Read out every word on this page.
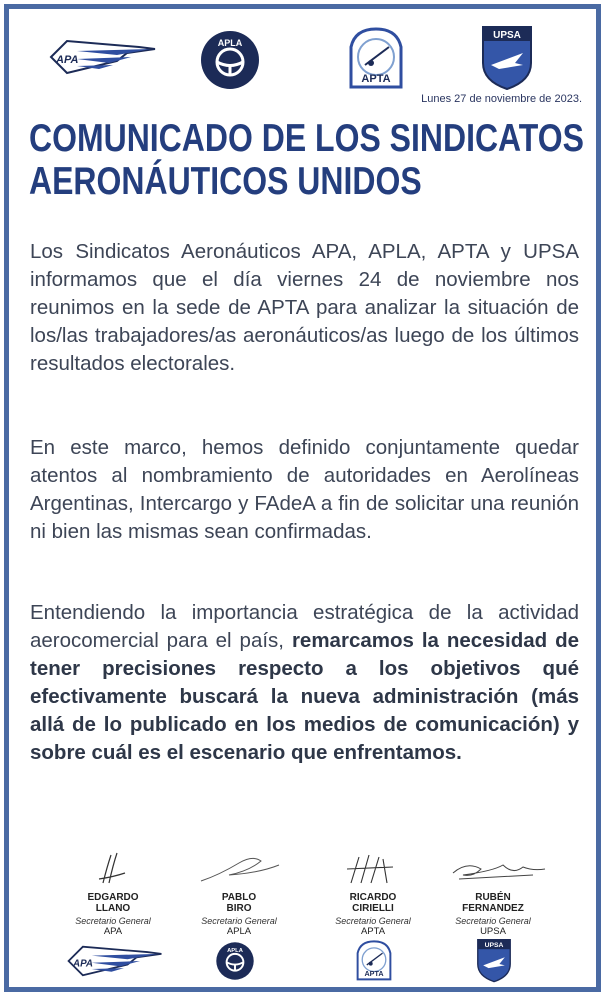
APA
APLA
APTA
UPSA
Lunes 27 de noviembre de 2023.
COMUNICADO DE LOS SINDICATOS
AERONÁUTICOS UNIDOS
Los Sindicatos Aeronáuticos APA, APLA, APTA y UPSA informamos que el día viernes 24 de noviembre nos reunimos en la sede de APTA para analizar la situación de los/las trabajadores/as aeronáuticos/as luego de los últimos resultados electorales.
En este marco, hemos definido conjuntamente quedar atentos al nombramiento de autoridades en Aerolíneas Argentinas, Intercargo y FAdeA a fin de solicitar una reunión ni bien las mismas sean confirmadas.
Entendiendo la importancia estratégica de la actividad aerocomercial para el país, remarcamos la necesidad de tener precisiones respecto a los objetivos qué efectivamente buscará la nueva administración (más allá de lo publicado en los medios de comunicación) y sobre cuál es el escenario que enfrentamos.
EDGARDO
LLANO
Secretario General
APA
PABLO
BIRO
Secretario General
APLA
RICARDO
CIRIELLI
Secretario General
APTA
RUBÉN
FERNANDEZ
Secretario General
UPSA
APA
APLA
APTA
UPSA
